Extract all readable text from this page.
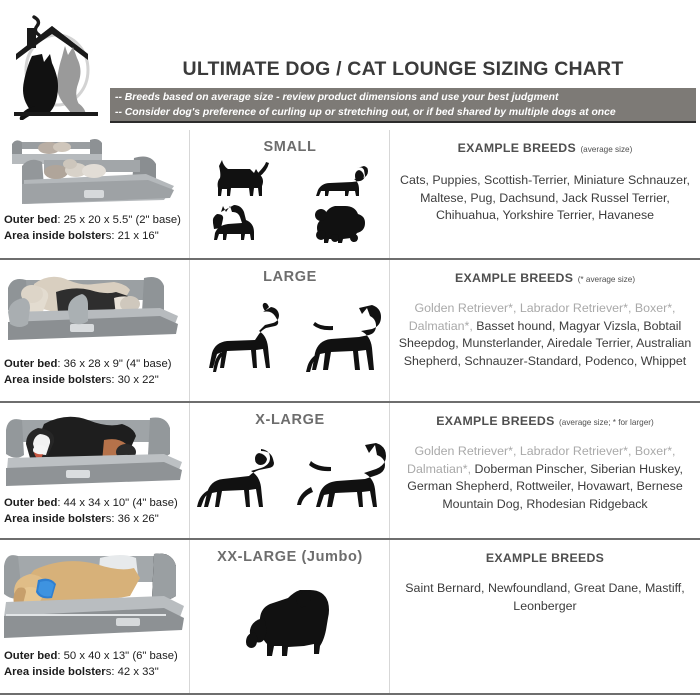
ULTIMATE DOG / CAT LOUNGE SIZING CHART
-- Breeds based on average size - review product dimensions and use your best judgment
-- Consider dog's preference of curling up or stretching out, or if bed shared by multiple dogs at once
Outer bed: 25 x 20 x 5.5" (2" base)
Area inside bolsters: 21 x 16"
SMALL	EXAMPLE BREEDS (average size)
Cats, Puppies, Scottish-Terrier, Miniature Schnauzer, Maltese, Pug, Dachsund, Jack Russel Terrier, Chihuahua, Yorkshire Terrier, Havanese
Outer bed: 36 x 28 x 9" (4" base)
Area inside bolsters: 30 x 22"
LARGE	EXAMPLE BREEDS (* average size)
Golden Retriever*, Labrador Retriever*, Boxer*, Dalmatian*, Basset hound, Magyar Vizsla, Bobtail Sheepdog, Munsterlander, Airedale Terrier, Australian Shepherd, Schnauzer-Standard, Podenco, Whippet
Outer bed: 44 x 34 x 10" (4" base)
Area inside bolsters: 36 x 26"
X-LARGE	EXAMPLE BREEDS (average size; * for larger)
Golden Retriever*, Labrador Retriever*, Boxer*, Dalmatian*, Doberman Pinscher, Siberian Huskey, German Shepherd, Rottweiler, Hovawart, Bernese Mountain Dog, Rhodesian Ridgeback
Outer bed: 50 x 40 x 13" (6" base)
Area inside bolsters: 42 x 33"
XX-LARGE (Jumbo)	EXAMPLE BREEDS
Saint Bernard, Newfoundland, Great Dane, Mastiff, Leonberger
